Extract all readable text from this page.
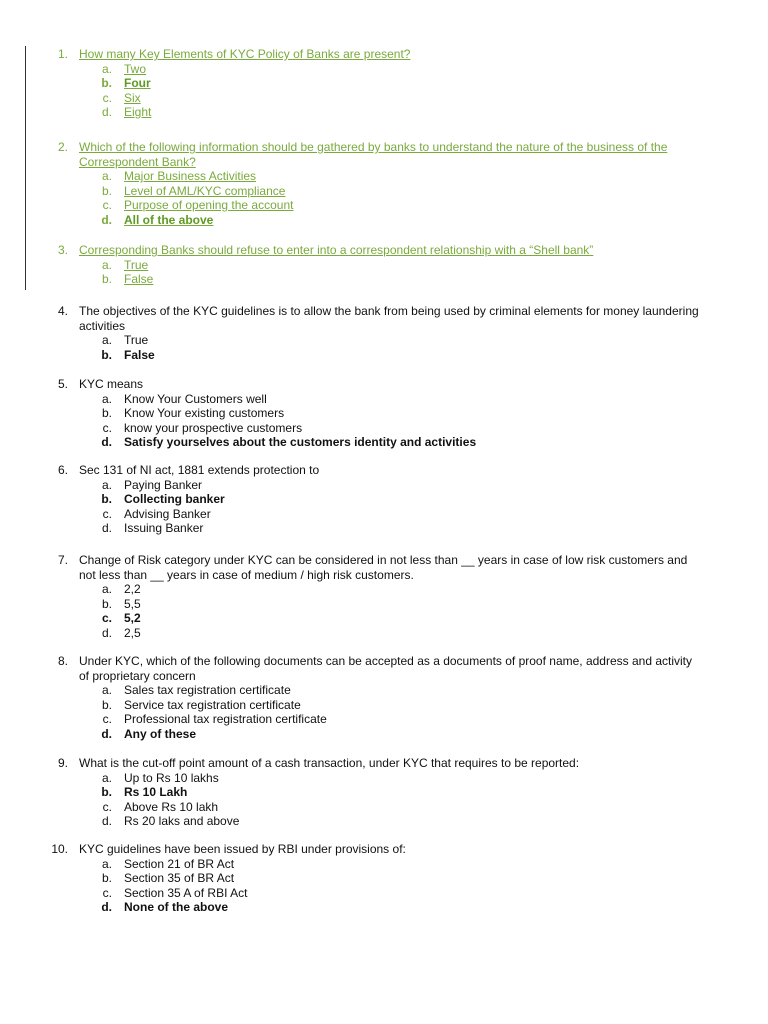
1. How many Key Elements of KYC Policy of Banks are present?
a. Two
b. Four
c. Six
d. Eight
2. Which of the following information should be gathered by banks to understand the nature of the business of the Correspondent Bank?
a. Major Business Activities
b. Level of AML/KYC compliance
c. Purpose of opening the account
d. All of the above
3. Corresponding Banks should refuse to enter into a correspondent relationship with a “Shell bank”
a. True
b. False
4. The objectives of the KYC guidelines is to allow the bank from being used by criminal elements for money laundering activities
a. True
b. False
5. KYC means
a. Know Your Customers well
b. Know Your existing customers
c. know your prospective customers
d. Satisfy yourselves about the customers identity and activities
6. Sec 131 of NI act, 1881 extends protection to
a. Paying Banker
b. Collecting banker
c. Advising Banker
d. Issuing Banker
7. Change of Risk category under KYC can be considered in not less than __ years in case of low risk customers and not less than __ years in case of medium / high risk customers.
a. 2,2
b. 5,5
c. 5,2
d. 2,5
8. Under KYC, which of the following documents can be accepted as a documents of proof name, address and activity of proprietary concern
a. Sales tax registration certificate
b. Service tax registration certificate
c. Professional tax registration certificate
d. Any of these
9. What is the cut-off point amount of a cash transaction, under KYC that requires to be reported:
a. Up to Rs 10 lakhs
b. Rs 10 Lakh
c. Above Rs 10 lakh
d. Rs 20 laks and above
10. KYC guidelines have been issued by RBI under provisions of:
a. Section 21 of BR Act
b. Section 35 of BR Act
c. Section 35 A of RBI Act
d. None of the above
